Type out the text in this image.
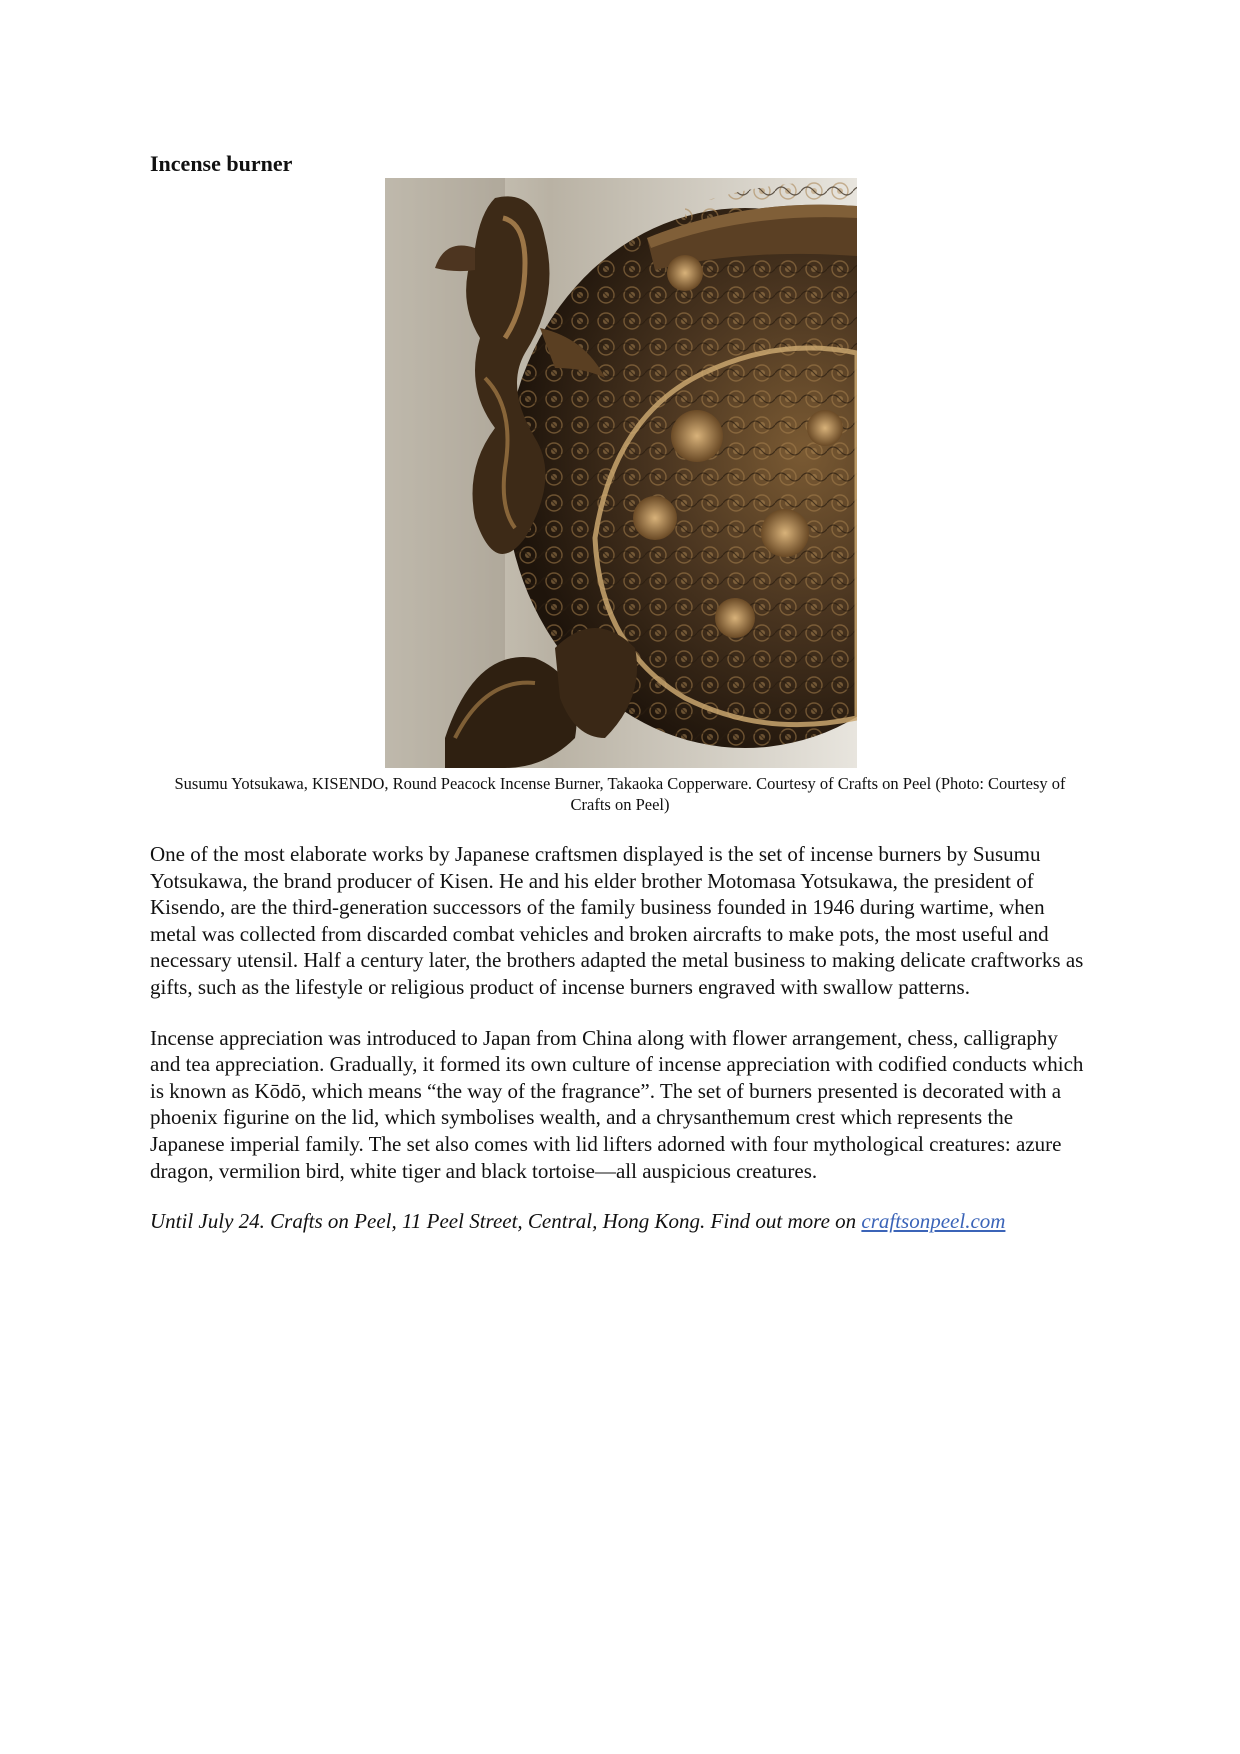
Incense burner

Susumu Yotsukawa, KISENDO, Round Peacock Incense Burner, Takaoka Copperware. Courtesy of Crafts on Peel (Photo: Courtesy of Crafts on Peel)

One of the most elaborate works by Japanese craftsmen displayed is the set of incense burners by Susumu Yotsukawa, the brand producer of Kisen. He and his elder brother Motomasa Yotsukawa, the president of Kisendo, are the third-generation successors of the family business founded in 1946 during wartime, when metal was collected from discarded combat vehicles and broken aircrafts to make pots, the most useful and necessary utensil. Half a century later, the brothers adapted the metal business to making delicate craftworks as gifts, such as the lifestyle or religious product of incense burners engraved with swallow patterns.

Incense appreciation was introduced to Japan from China along with flower arrangement, chess, calligraphy and tea appreciation. Gradually, it formed its own culture of incense appreciation with codified conducts which is known as Kōdō, which means “the way of the fragrance”. The set of burners presented is decorated with a phoenix figurine on the lid, which symbolises wealth, and a chrysanthemum crest which represents the Japanese imperial family. The set also comes with lid lifters adorned with four mythological creatures: azure dragon, vermilion bird, white tiger and black tortoise—all auspicious creatures.

Until July 24. Crafts on Peel, 11 Peel Street, Central, Hong Kong. Find out more on craftsonpeel.com
